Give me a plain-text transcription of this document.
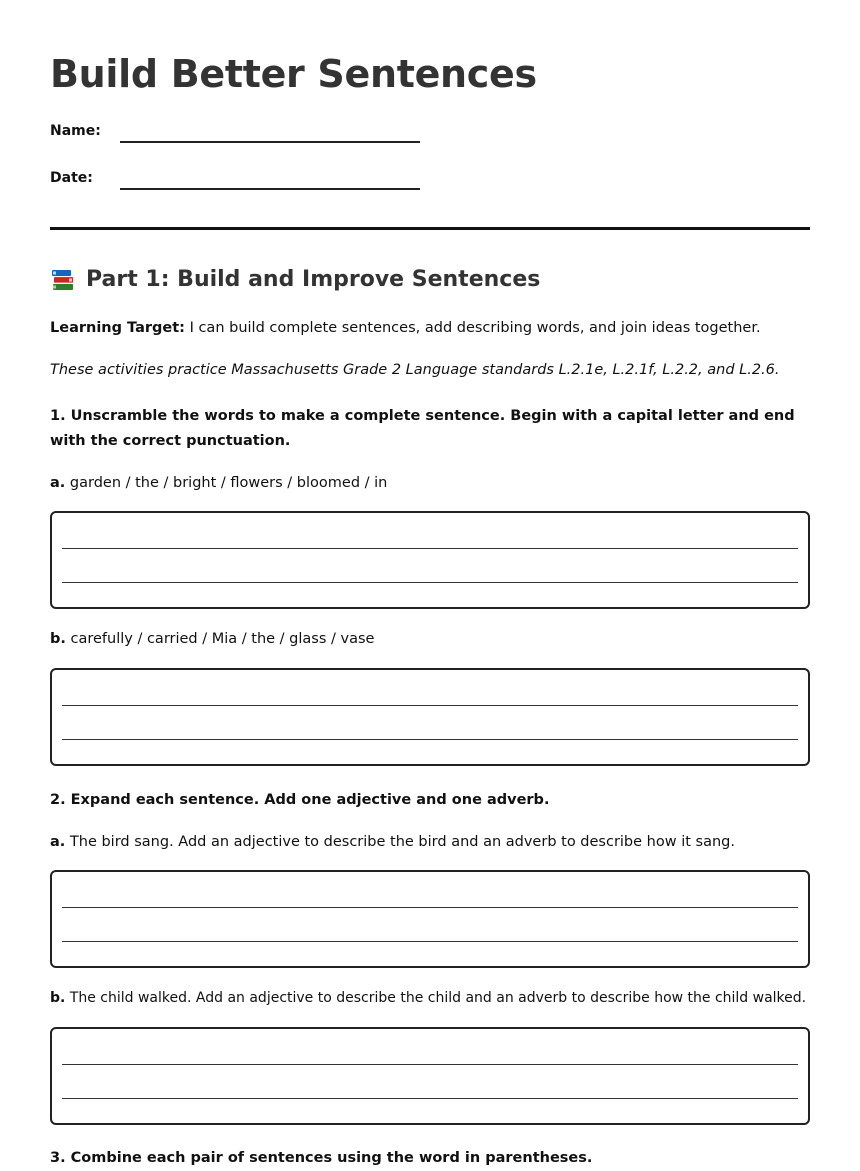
Build Better Sentences
Name:
Date:
Part 1: Build and Improve Sentences
Learning Target: I can build complete sentences, add describing words, and join ideas together.
These activities practice Massachusetts Grade 2 Language standards L.2.1e, L.2.1f, L.2.2, and L.2.6.
1. Unscramble the words to make a complete sentence. Begin with a capital letter and end with the correct punctuation.
a. garden / the / bright / flowers / bloomed / in
b. carefully / carried / Mia / the / glass / vase
2. Expand each sentence. Add one adjective and one adverb.
a. The bird sang. Add an adjective to describe the bird and an adverb to describe how it sang.
b. The child walked. Add an adjective to describe the child and an adverb to describe how the child walked.
3. Combine each pair of sentences using the word in parentheses.
